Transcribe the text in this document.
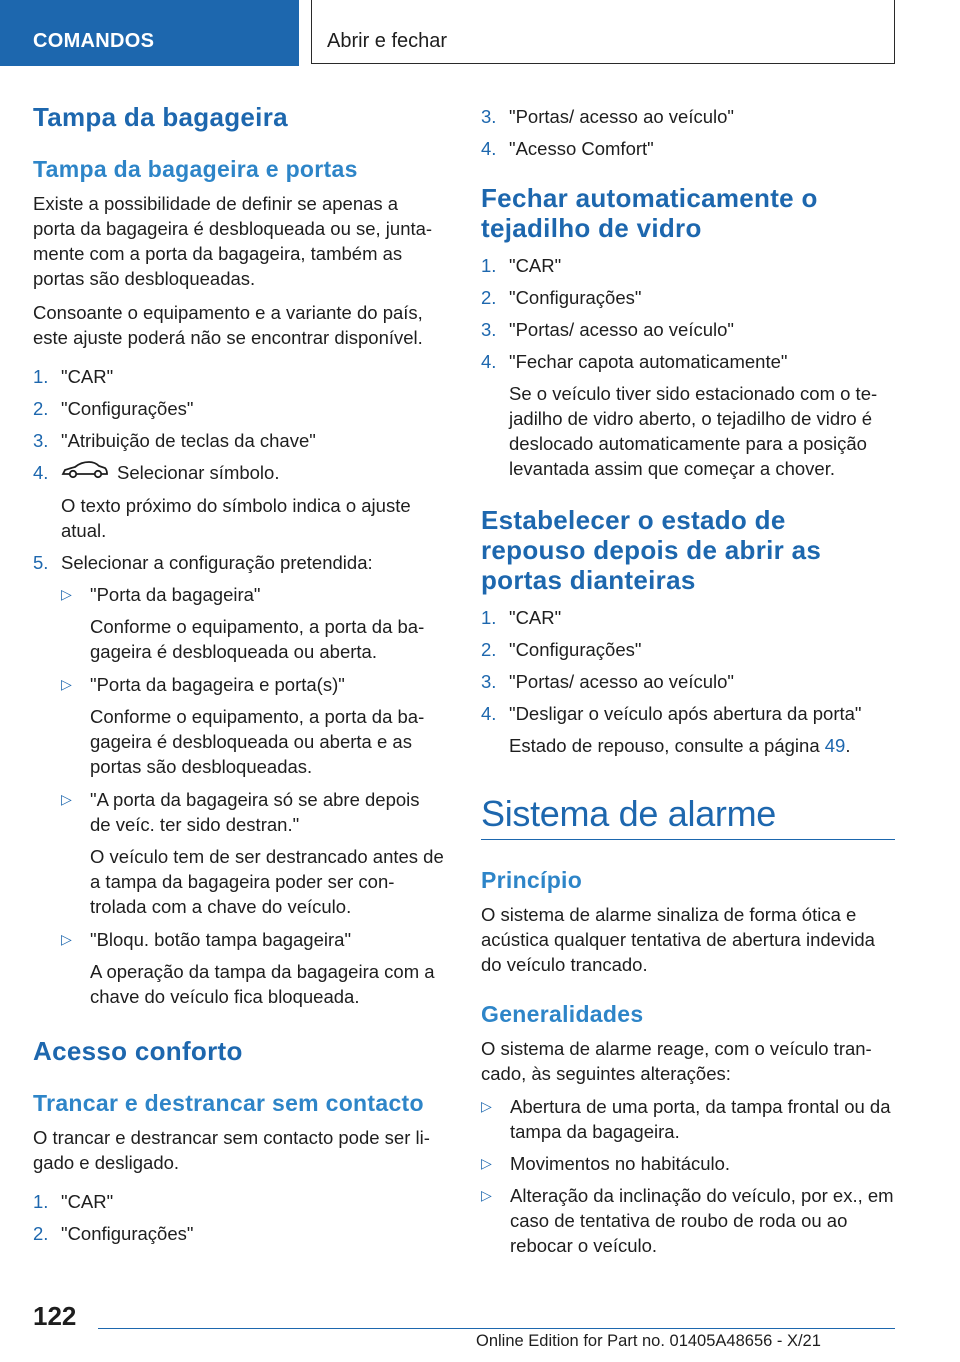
COMANDOS	Abrir e fechar
Tampa da bagageira
Tampa da bagageira e portas

Existe a possibilidade de definir se apenas a porta da bagageira é desbloqueada ou se, junta-mente com a porta da bagageira, também as portas são desbloqueadas.

Consoante o equipamento e a variante do país, este ajuste poderá não se encontrar disponível.

1. "CAR"
2. "Configurações"
3. "Atribuição de teclas da chave"
4.	Selecionar símbolo.
O texto próximo do símbolo indica o ajuste atual.
5. Selecionar a configuração pretendida:
▷ "Porta da bagageira"
Conforme o equipamento, a porta da ba-gageira é desbloqueada ou aberta.
▷ "Porta da bagageira e porta(s)"
Conforme o equipamento, a porta da ba-gageira é desbloqueada ou aberta e as portas são desbloqueadas.
▷ "A porta da bagageira só se abre depois de veíc. ter sido destran."
O veículo tem de ser destrancado antes de a tampa da bagageira poder ser con-trolada com a chave do veículo.
▷ "Bloqu. botão tampa bagageira"
A operação da tampa da bagageira com a chave do veículo fica bloqueada.
Acesso conforto
Trancar e destrancar sem contacto

O trancar e destrancar sem contacto pode ser li-gado e desligado.

1. "CAR"
2. "Configurações"
3. "Portas/ acesso ao veículo"
4. "Acesso Comfort"
Fechar automaticamente o tejadilho de vidro
1. "CAR"
2. "Configurações"
3. "Portas/ acesso ao veículo"
4. "Fechar capota automaticamente"
Se o veículo tiver sido estacionado com o te-jadilho de vidro aberto, o tejadilho de vidro é deslocado automaticamente para a posição levantada assim que começar a chover.
Estabelecer o estado de repouso depois de abrir as portas dianteiras
1. "CAR"
2. "Configurações"
3. "Portas/ acesso ao veículo"
4. "Desligar o veículo após abertura da porta"
Estado de repouso, consulte a página 49.
Sistema de alarme
Princípio

O sistema de alarme sinaliza de forma ótica e acústica qualquer tentativa de abertura indevida do veículo trancado.

Generalidades

O sistema de alarme reage, com o veículo tran-cado, às seguintes alterações:

▷ Abertura de uma porta, da tampa frontal ou da tampa da bagageira.
▷ Movimentos no habitáculo.
▷ Alteração da inclinação do veículo, por ex., em caso de tentativa de roubo de roda ou ao rebocar o veículo.
122
Online Edition for Part no. 01405A48656 - X/21
